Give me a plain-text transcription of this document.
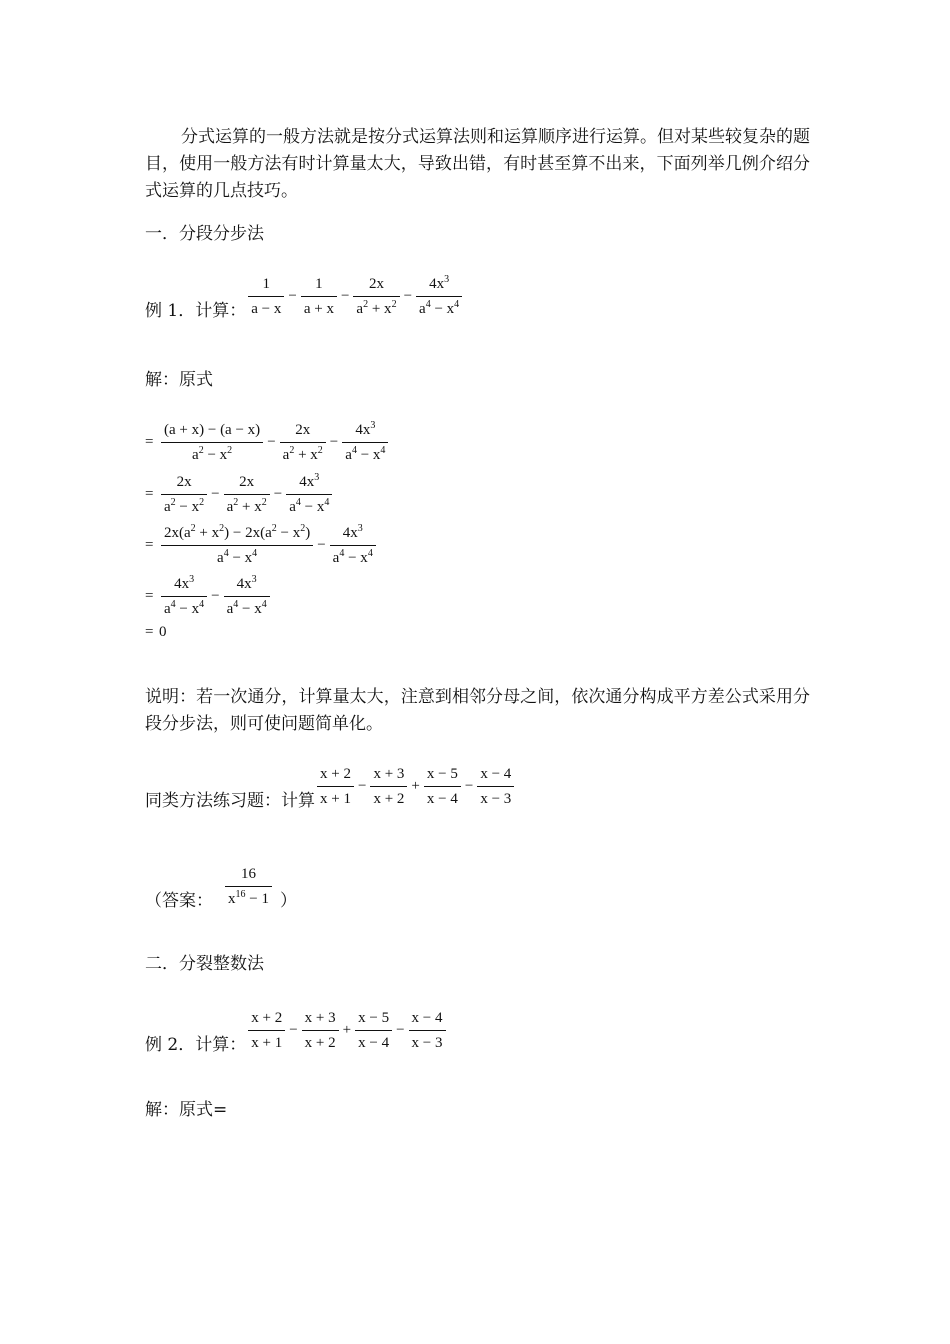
分式运算的一般方法就是按分式运算法则和运算顺序进行运算。但对某些较复杂的题目，使用一般方法有时计算量太大，导致出错，有时甚至算不出来，下面列举几例介绍分式运算的几点技巧。
一．分段分步法
例 1．计算： $\frac{1}{a - x} - \frac{1}{a + x} - \frac{2x}{a^2 + x^2} - \frac{4x^3}{a^4 - x^4}$
解：原式
= $\frac{(a + x) - (a - x)}{a^2 - x^2} - \frac{2x}{a^2 + x^2} - \frac{4x^3}{a^4 - x^4}$
= $\frac{2x}{a^2 - x^2} - \frac{2x}{a^2 + x^2} - \frac{4x^3}{a^4 - x^4}$
= $\frac{2x(a^2 + x^2) - 2x(a^2 - x^2)}{a^4 - x^4} - \frac{4x^3}{a^4 - x^4}$
= $\frac{4x^3}{a^4 - x^4} - \frac{4x^3}{a^4 - x^4}$
= 0
说明：若一次通分，计算量太大，注意到相邻分母之间，依次通分构成平方差公式采用分段分步法，则可使问题简单化。
同类方法练习题：计算 $\frac{x + 2}{x + 1} - \frac{x + 3}{x + 2} + \frac{x - 5}{x - 4} - \frac{x - 4}{x - 3}$
（答案： $\frac{16}{x^{16} - 1}$ ）
二．分裂整数法
例 2．计算： $\frac{x + 2}{x + 1} - \frac{x + 3}{x + 2} + \frac{x - 5}{x - 4} - \frac{x - 4}{x - 3}$
解：原式=
